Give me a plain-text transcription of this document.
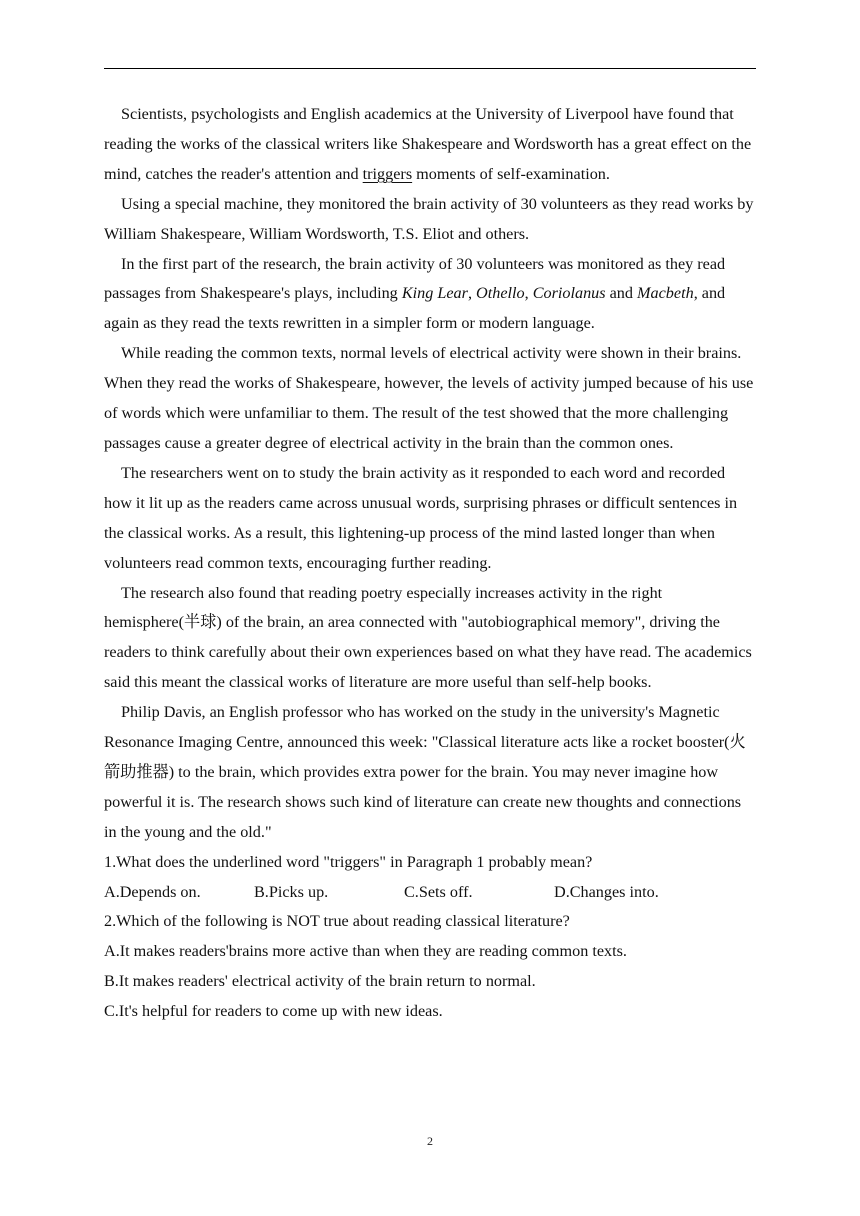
Scientists, psychologists and English academics at the University of Liverpool have found that reading the works of the classical writers like Shakespeare and Wordsworth has a great effect on the mind, catches the reader's attention and triggers moments of self-examination.

Using a special machine, they monitored the brain activity of 30 volunteers as they read works by William Shakespeare, William Wordsworth, T.S. Eliot and others.

In the first part of the research, the brain activity of 30 volunteers was monitored as they read passages from Shakespeare's plays, including King Lear, Othello, Coriolanus and Macbeth, and again as they read the texts rewritten in a simpler form or modern language.

While reading the common texts, normal levels of electrical activity were shown in their brains. When they read the works of Shakespeare, however, the levels of activity jumped because of his use of words which were unfamiliar to them. The result of the test showed that the more challenging passages cause a greater degree of electrical activity in the brain than the common ones.

The researchers went on to study the brain activity as it responded to each word and recorded how it lit up as the readers came across unusual words, surprising phrases or difficult sentences in the classical works. As a result, this lightening-up process of the mind lasted longer than when volunteers read common texts, encouraging further reading.

The research also found that reading poetry especially increases activity in the right hemisphere(半球) of the brain, an area connected with "autobiographical memory", driving the readers to think carefully about their own experiences based on what they have read. The academics said this meant the classical works of literature are more useful than self-help books.

Philip Davis, an English professor who has worked on the study in the university's Magnetic Resonance Imaging Centre, announced this week: "Classical literature acts like a rocket booster(火箭助推器) to the brain, which provides extra power for the brain. You may never imagine how powerful it is. The research shows such kind of literature can create new thoughts and connections in the young and the old."

1.What does the underlined word "triggers" in Paragraph 1 probably mean?

A.Depends on.	B.Picks up.	C.Sets off.	D.Changes into.

2.Which of the following is NOT true about reading classical literature?

A.It makes readers'brains more active than when they are reading common texts.

B.It makes readers' electrical activity of the brain return to normal.

C.It's helpful for readers to come up with new ideas.

2
